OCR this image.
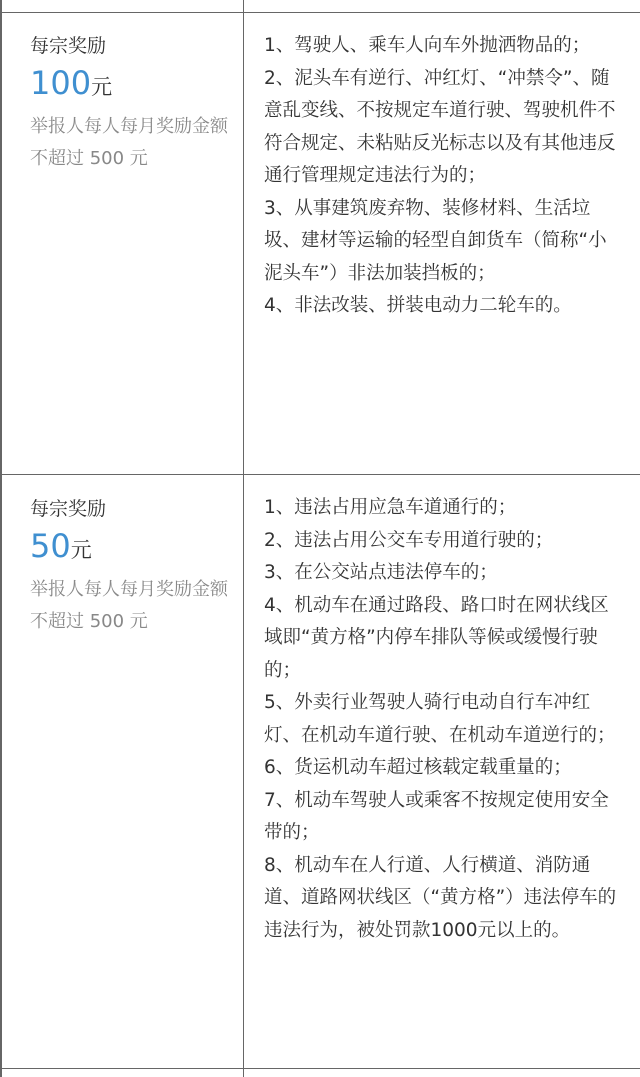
每宗奖励
100元
举报人每人每月奖励金额不超过 500 元

1、驾驶人、乘车人向车外抛洒物品的；

2、泥头车有逆行、冲红灯、“冲禁令”、随意乱变线、不按规定车道行驶、驾驶机件不符合规定、未粘贴反光标志以及有其他违反通行管理规定违法行为的；

3、从事建筑废弃物、装修材料、生活垃圾、建材等运输的轻型自卸货车（简称“小泥头车”）非法加装挡板的；

4、非法改装、拼装电动力二轮车的。

每宗奖励
50元
举报人每人每月奖励金额不超过 500 元

1、违法占用应急车道通行的；

2、违法占用公交车专用道行驶的；

3、在公交站点违法停车的；

4、机动车在通过路段、路口时在网状线区域即“黄方格”内停车排队等候或缓慢行驶的；

5、外卖行业驾驶人骑行电动自行车冲红灯、在机动车道行驶、在机动车道逆行的；

6、货运机动车超过核载定载重量的；

7、机动车驾驶人或乘客不按规定使用安全带的；

8、机动车在人行道、人行横道、消防通道、道路网状线区（“黄方格”）违法停车的违法行为，被处罚款1000元以上的。
